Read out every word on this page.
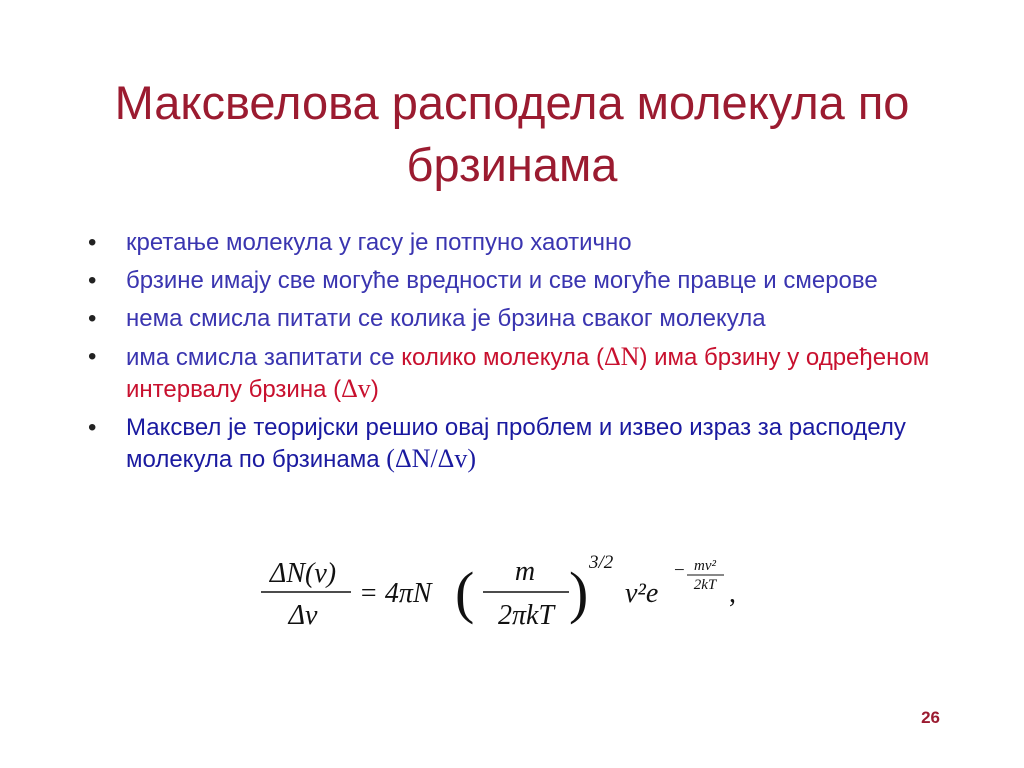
Максвелова расподела молекула по брзинама
•	кретање молекула у гасу је потпуно хаотично
•	брзине имају све могуће вредности и све могуће правце и смерове
•	нема смисла питати се колика је брзина сваког молекула
•	има смисла запитати се колико молекула (ΔN) има брзину у одређеном интервалу брзина (Δv)
•	Максвел је теоријски решио овај проблем и извео израз за расподелу молекула по брзинама (ΔN/Δv)
ΔN(v)
Δv
= 4πN ( m
2πkT ) 3/2
v²e
− mv²
2kT ,
26
